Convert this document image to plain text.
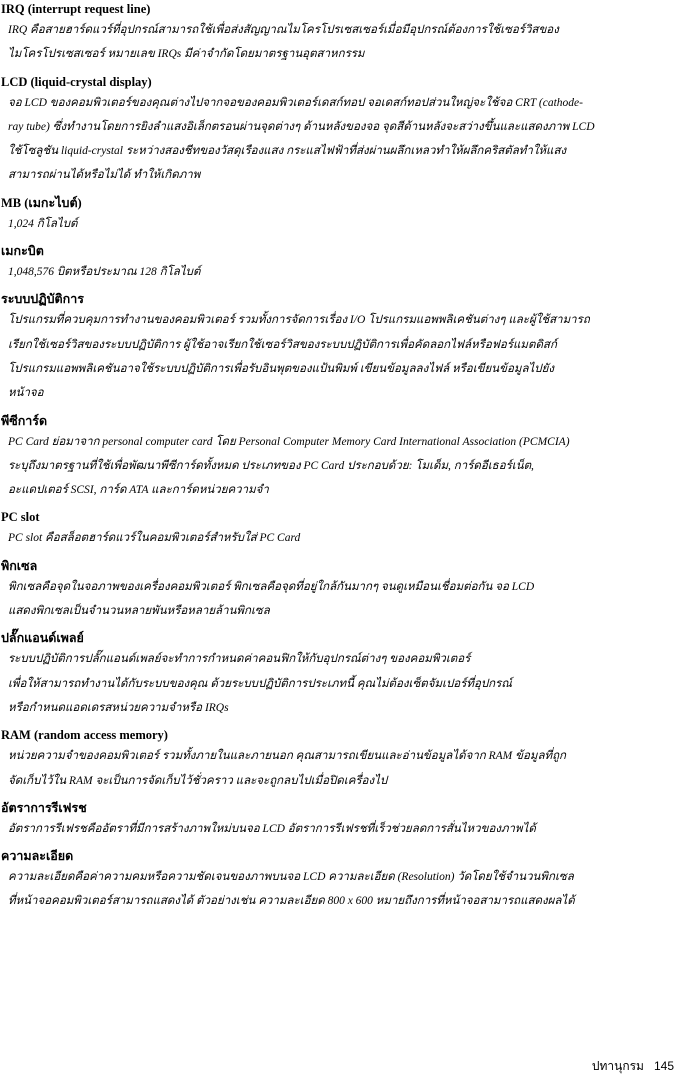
IRQ (interrupt request line)
IRQ คือสายฮาร์ดแวร์ที่อุปกรณ์สามารถใช้เพื่อส่งสัญญาณไมโครโปรเซสเซอร์เมื่อมีอุปกรณ์ต้องการใช้เซอร์วิสของ
ไมโครโปรเซสเซอร์ หมายเลข IRQs มีค่าจำกัดโดยมาตรฐานอุตสาหกรรม
LCD (liquid-crystal display)
จอ LCD ของคอมพิวเตอร์ของคุณต่างไปจากจอของคอมพิวเตอร์เดสก์ทอป จอเดสก์ทอปส่วนใหญ่จะใช้จอ CRT (cathode-
ray tube) ซึ่งทำงานโดยการยิงลำแสงอิเล็กตรอนผ่านจุดต่างๆ ด้านหลังของจอ จุดสีด้านหลังจะสว่างขึ้นและแสดงภาพ LCD
ใช้โซลูชัน liquid-crystal ระหว่างสองชีทของวัสดุเรืองแสง กระแสไฟฟ้าที่ส่งผ่านผลึกเหลวทำให้ผลึกคริสตัลทำให้แสง
สามารถผ่านได้หรือไม่ได้ ทำให้เกิดภาพ
MB (เมกะไบต์)
1,024 กิโลไบต์
เมกะบิต
1,048,576 บิตหรือประมาณ 128 กิโลไบต์
ระบบปฏิบัติการ
โปรแกรมที่ควบคุมการทำงานของคอมพิวเตอร์ รวมทั้งการจัดการเรื่อง I/O โปรแกรมแอพพลิเคชันต่างๆ และผู้ใช้สามารถ
เรียกใช้เซอร์วิสของระบบปฏิบัติการ ผู้ใช้อาจเรียกใช้เซอร์วิสของระบบปฏิบัติการเพื่อคัดลอกไฟล์หรือฟอร์แมตดิสก์
โปรแกรมแอพพลิเคชันอาจใช้ระบบปฏิบัติการเพื่อรับอินพุตของแป้นพิมพ์ เขียนข้อมูลลงไฟล์ หรือเขียนข้อมูลไปยัง
หน้าจอ
พีซีการ์ด
PC Card ย่อมาจาก personal computer card โดย Personal Computer Memory Card International Association (PCMCIA)
ระบุถึงมาตรฐานที่ใช้เพื่อพัฒนาพีซีการ์ดทั้งหมด ประเภทของ PC Card ประกอบด้วย: โมเด็ม, การ์ดอีเธอร์เน็ต,
อะแดปเตอร์ SCSI, การ์ด ATA และการ์ดหน่วยความจำ
PC slot
PC slot คือสล็อตฮาร์ดแวร์ในคอมพิวเตอร์สำหรับใส่ PC Card
พิกเซล
พิกเซลคือจุดในจอภาพของเครื่องคอมพิวเตอร์ พิกเซลคือจุดที่อยู่ใกล้กันมากๆ จนดูเหมือนเชื่อมต่อกัน จอ LCD
แสดงพิกเซลเป็นจำนวนหลายพันหรือหลายล้านพิกเซล
ปลั๊กแอนด์เพลย์
ระบบปฏิบัติการปลั๊กแอนด์เพลย์จะทำการกำหนดค่าคอนฟิกให้กับอุปกรณ์ต่างๆ ของคอมพิวเตอร์
เพื่อให้สามารถทำงานได้กับระบบของคุณ ด้วยระบบปฏิบัติการประเภทนี้ คุณไม่ต้องเซ็ตจัมเปอร์ที่อุปกรณ์
หรือกำหนดแอดเดรสหน่วยความจำหรือ IRQs
RAM (random access memory)
หน่วยความจำของคอมพิวเตอร์ รวมทั้งภายในและภายนอก คุณสามารถเขียนและอ่านข้อมูลได้จาก RAM ข้อมูลที่ถูก
จัดเก็บไว้ใน RAM จะเป็นการจัดเก็บไว้ชั่วคราว และจะถูกลบไปเมื่อปิดเครื่องไป
อัตราการรีเฟรช
อัตราการรีเฟรชคืออัตราที่มีการสร้างภาพใหม่บนจอ LCD อัตราการรีเฟรชที่เร็วช่วยลดการสั่นไหวของภาพได้
ความละเอียด
ความละเอียดคือค่าความคมหรือความชัดเจนของภาพบนจอ LCD ความละเอียด (Resolution) วัดโดยใช้จำนวนพิกเซล
ที่หน้าจอคอมพิวเตอร์สามารถแสดงได้ ตัวอย่างเช่น ความละเอียด 800 x 600 หมายถึงการที่หน้าจอสามารถแสดงผลได้
ปทานุกรม 145
